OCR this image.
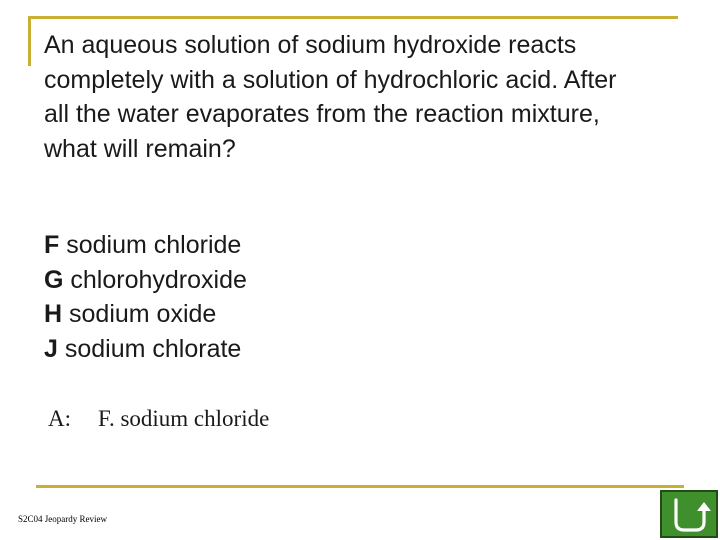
An aqueous solution of sodium hydroxide reacts completely with a solution of hydrochloric acid. After all the water evaporates from the reaction mixture, what will remain?

F sodium chloride
G chlorohydroxide
H sodium oxide
J sodium chlorate
A: F. sodium chloride
S2C04 Jeopardy Review
